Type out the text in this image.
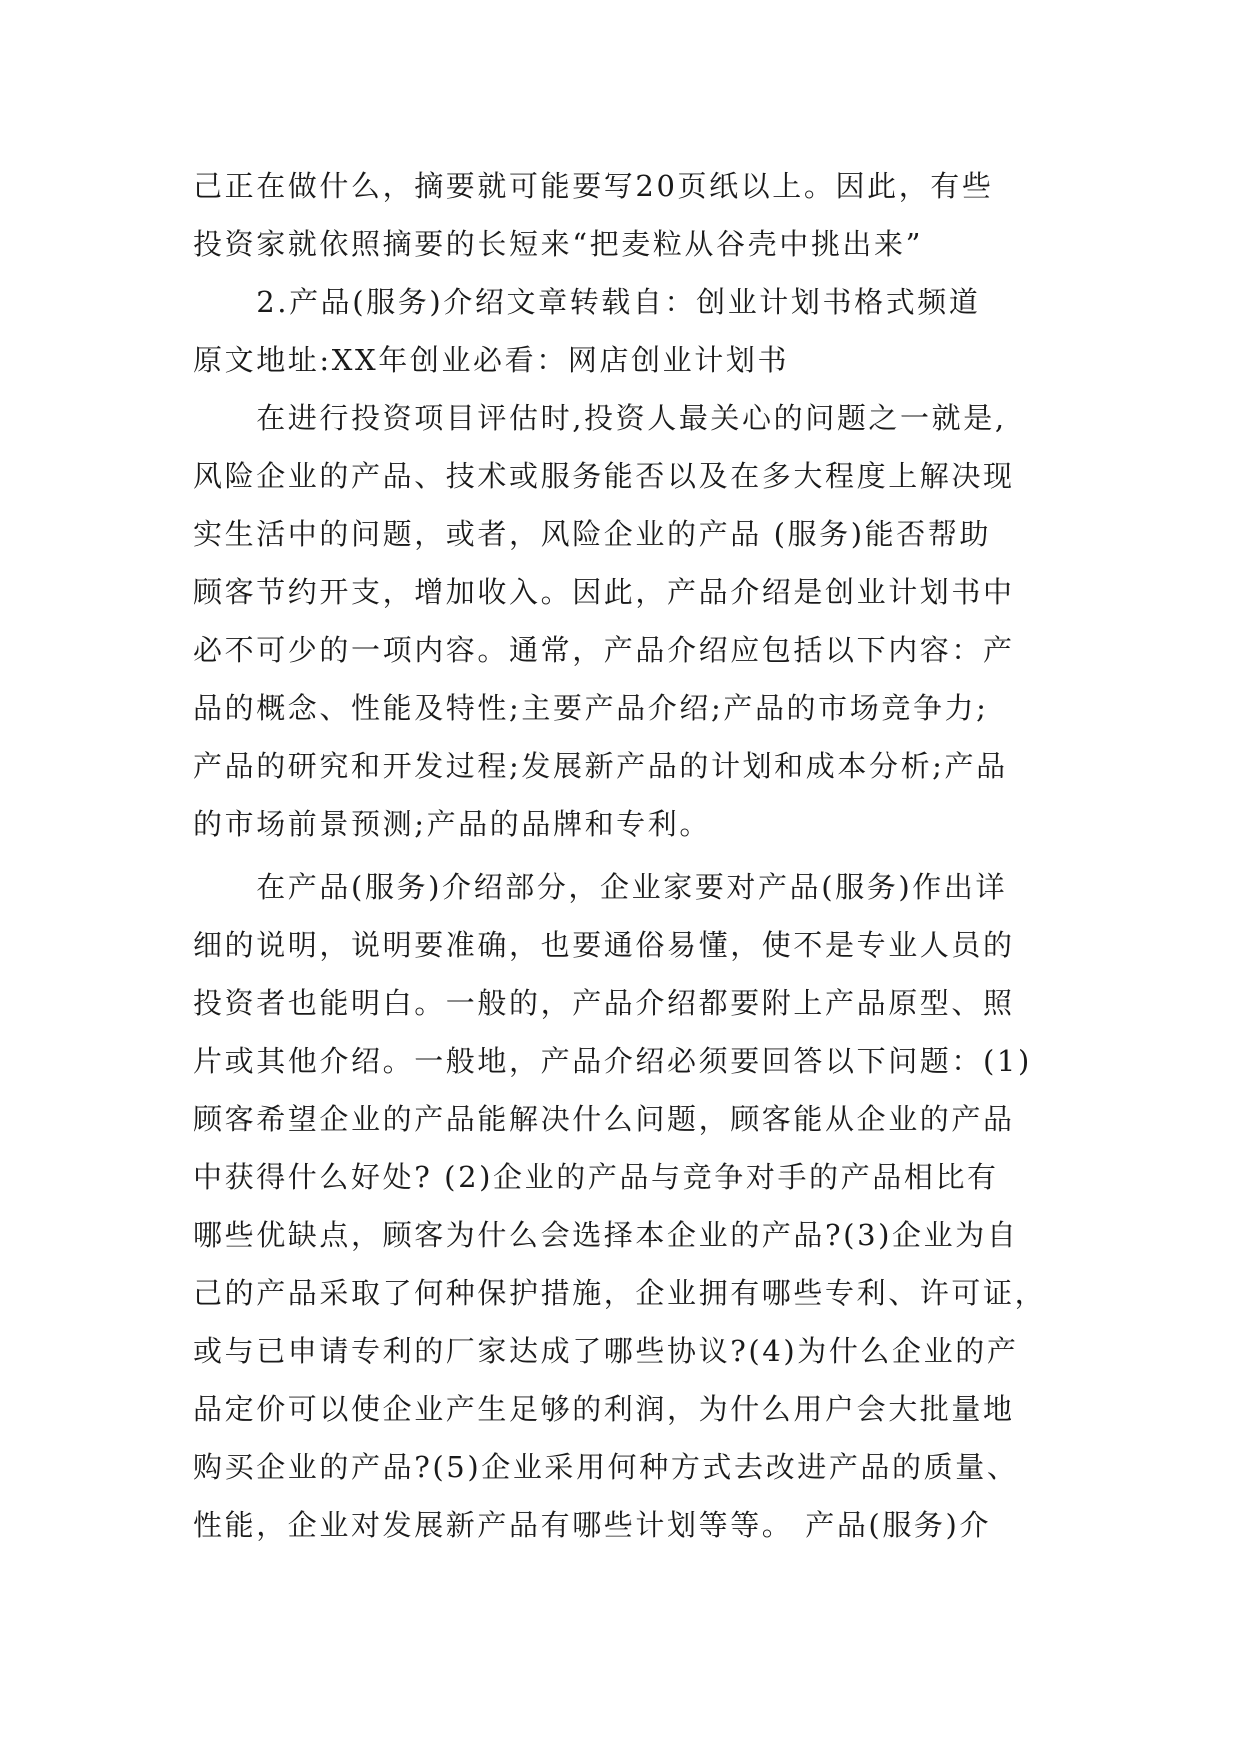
己正在做什么，摘要就可能要写20页纸以上。因此，有些
投资家就依照摘要的长短来“把麦粒从谷壳中挑出来”
　　2.产品(服务)介绍文章转载自：创业计划书格式频道
原文地址:XX年创业必看：网店创业计划书
　　在进行投资项目评估时,投资人最关心的问题之一就是,
风险企业的产品、技术或服务能否以及在多大程度上解决现
实生活中的问题，或者，风险企业的产品 (服务)能否帮助
顾客节约开支，增加收入。因此，产品介绍是创业计划书中
必不可少的一项内容。通常，产品介绍应包括以下内容：产
品的概念、性能及特性;主要产品介绍;产品的市场竞争力;
产品的研究和开发过程;发展新产品的计划和成本分析;产品
的市场前景预测;产品的品牌和专利。
　　在产品(服务)介绍部分，企业家要对产品(服务)作出详
细的说明，说明要准确，也要通俗易懂，使不是专业人员的
投资者也能明白。一般的，产品介绍都要附上产品原型、照
片或其他介绍。一般地，产品介绍必须要回答以下问题：(1)
顾客希望企业的产品能解决什么问题，顾客能从企业的产品
中获得什么好处? (2)企业的产品与竞争对手的产品相比有
哪些优缺点，顾客为什么会选择本企业的产品?(3)企业为自
己的产品采取了何种保护措施，企业拥有哪些专利、许可证，
或与已申请专利的厂家达成了哪些协议?(4)为什么企业的产
品定价可以使企业产生足够的利润，为什么用户会大批量地
购买企业的产品?(5)企业采用何种方式去改进产品的质量、
性能，企业对发展新产品有哪些计划等等。 产品(服务)介
